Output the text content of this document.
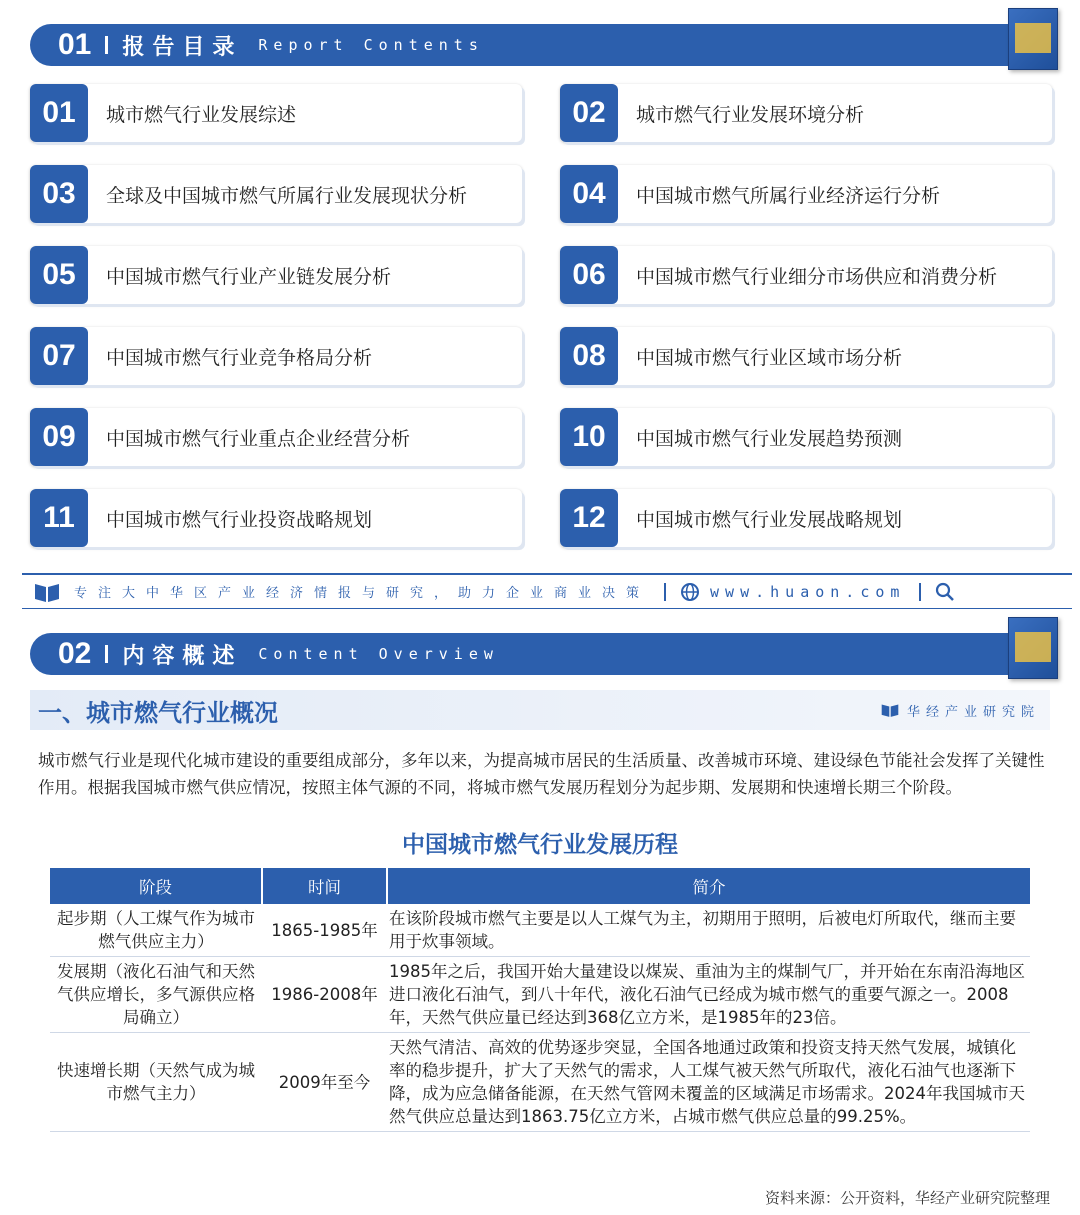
01 报告目录 Report Contents
01	城市燃气行业发展综述	02	城市燃气行业发展环境分析
03	全球及中国城市燃气所属行业发展现状分析	04	中国城市燃气所属行业经济运行分析
05	中国城市燃气行业产业链发展分析	06	中国城市燃气行业细分市场供应和消费分析
07	中国城市燃气行业竞争格局分析	08	中国城市燃气行业区域市场分析
09	中国城市燃气行业重点企业经营分析	10	中国城市燃气行业发展趋势预测
11	中国城市燃气行业投资战略规划	12	中国城市燃气行业发展战略规划
专注大中华区产业经济情报与研究，助力企业商业决策	www.huaon.com
02 内容概述 Content Overview
一、城市燃气行业概况	华经产业研究院

城市燃气行业是现代化城市建设的重要组成部分，多年以来，为提高城市居民的生活质量、改善城市环境、建设绿色节能社会发挥了关键性作用。根据我国城市燃气供应情况，按照主体气源的不同，将城市燃气发展历程划分为起步期、发展期和快速增长期三个阶段。

中国城市燃气行业发展历程
阶段	时间	简介
起步期（人工煤气作为城市燃气供应主力）	1865-1985年	在该阶段城市燃气主要是以人工煤气为主，初期用于照明，后被电灯所取代，继而主要用于炊事领域。
发展期（液化石油气和天然气供应增长，多气源供应格局确立）	1986-2008年	1985年之后，我国开始大量建设以煤炭、重油为主的煤制气厂，并开始在东南沿海地区进口液化石油气，到八十年代，液化石油气已经成为城市燃气的重要气源之一。2008年，天然气供应量已经达到368亿立方米，是1985年的23倍。
快速增长期（天然气成为城市燃气主力）	2009年至今	天然气清洁、高效的优势逐步突显，全国各地通过政策和投资支持天然气发展，城镇化率的稳步提升，扩大了天然气的需求，人工煤气被天然气所取代，液化石油气也逐渐下降，成为应急储备能源，在天然气管网未覆盖的区域满足市场需求。2024年我国城市天然气供应总量达到1863.75亿立方米，占城市燃气供应总量的99.25%。
资料来源：公开资料，华经产业研究院整理
